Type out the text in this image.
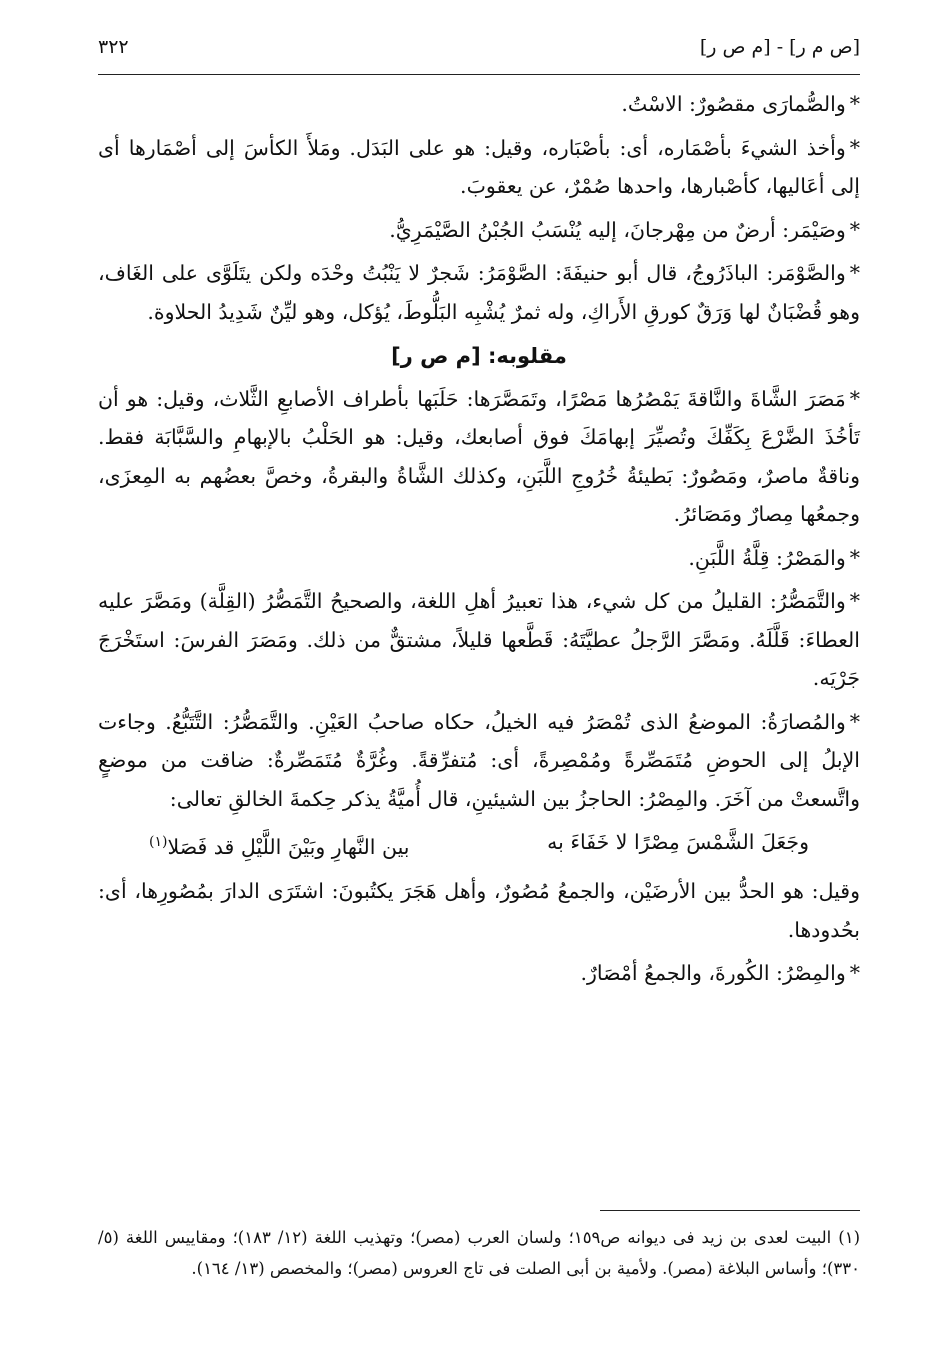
[ص م ر] - [م ص ر]
٣٢٢

*والصُّمارَى مقصُورٌ: الاسْتُ.

*وأخذ الشيءَ بأصْمَاره، أى: بأصْبَاره، وقيل: هو على البَدَل. ومَلأَ الكأسَ إلى أصْمَارها أى إلى أعَاليها، كأصْبارها، واحدها صُمْرٌ، عن يعقوبَ.

*وصَيْمَر: أرضٌ من مِهْرجانَ، إليه يُنْسَبُ الجُبْنُ الصَّيْمَرِيُّ.

*والصَّوْمَر: الباذَرُوجُ، قال أبو حنيفَةَ: الصَّوْمَرُ: شَجرٌ لا يَنْبُتُ وحْدَه ولكن يتَلَوَّى على الغَاف، وهو قُضْبَانٌ لها وَرَقٌ كورقِ الأَراكِ، وله ثمرٌ يُشْبِه البَلُّوطَ، يُؤكل، وهو ليِّنٌ شَدِيدُ الحلاوة.

مقلوبه: [م ص ر]

*مَصَرَ الشَّاةَ والنَّاقةَ يَمْصُرُها مَصْرًا، وتَمَصَّرَها: حَلَبَها بأطراف الأصابعِ الثَّلاث، وقيل: هو أن تَأخُذَ الضَّرْعَ بِكَفِّكَ وتُصيِّرَ إبهامَكَ فوق أصابعك، وقيل: هو الحَلْبُ بالإبهامِ والسَّبَّابَة فقط. وناقةٌ ماصرٌ، ومَصُورٌ: بَطيئةُ خُرُوجِ اللَّبَنِ، وكذلك الشَّاةُ والبقرةُ، وخصَّ بعضُهم به المِعزَى، وجمعُها مِصارٌ ومَصَائرُ.

*والمَصْرُ: قِلَّةُ اللَّبَنِ.

*والتَّمَصُّرُ: القليلُ من كل شيء، هذا تعبيرُ أهلِ اللغة، والصحيحُ التَّمَصُّرُ (القِلَّة) ومَصَّرَ عليه العطاءَ: قَلَّلَهُ. ومَصَّرَ الرَّجلُ عطيَّتَهُ: قَطَّعها قليلاً، مشتقٌّ من ذلك. ومَصَرَ الفرسَ: استَخْرَجَ جَرْيَه.

*والمُصارَةُ: الموضعُ الذى تُمْصَرُ فيه الخيلُ، حكاه صاحبُ العَيْنِ. والتَّمَصُّرُ: التَّتَبُّعُ. وجاءت الإبلُ إلى الحوضِ مُتَمَصِّرةً ومُمْصِرةً، أى: مُتفرِّقةً. وغُرَّةٌ مُتَمَصِّرةٌ: ضاقت من موضعٍ واتَّسعتْ من آخَرَ. والمِصْرُ: الحاجزُ بين الشيئينِ، قال أُميَّةُ يذكر حِكمةَ الخالقِ تعالى:

وجَعَلَ الشَّمْسَ مِصْرًا لا خَفَاءَ به
بين النَّهارِ وبَيْنَ اللَّيْلِ قد فَصَلا$^{(١)}$

وقيل: هو الحدُّ بين الأرضَيْن، والجمعُ مُصُورٌ، وأهل هَجَرَ يكتُبونَ: اشتَرَى الدارَ بمُصُورِها، أى: بحُدودها.

*والمِصْرُ: الكُورةَ، والجمعُ أمْصَارٌ.

(١) البيت لعدى بن زيد فى ديوانه ص١٥٩؛ ولسان العرب (مصر)؛ وتهذيب اللغة (١٢/ ١٨٣)؛ ومقاييس اللغة (٥/ ٣٣٠)؛ وأساس البلاغة (مصر). ولأمية بن أبى الصلت فى تاج العروس (مصر)؛ والمخصص (١٣/ ١٦٤).
